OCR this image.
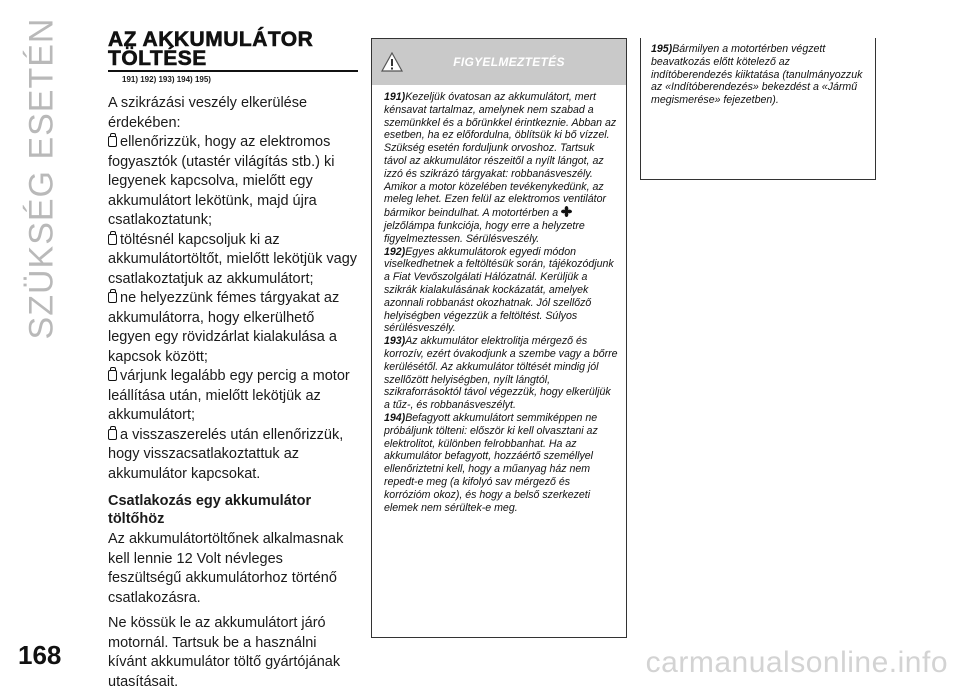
SZÜKSÉG ESETÉN AZ AKKUMULÁTOR
TÖLTÉSE
191) 192) 193) 194) 195)

A szikrázási veszély elkerülése érdekében:

ellenőrizzük, hogy az elektromos fogyasztók (utastér világítás stb.) ki legyenek kapcsolva, mielőtt egy akkumulátort lekötünk, majd újra csatlakoztatunk;

töltésnél kapcsoljuk ki az akkumulátortöltőt, mielőtt lekötjük vagy csatlakoztatjuk az akkumulátort;

ne helyezzünk fémes tárgyakat az akkumulátorra, hogy elkerülhető legyen egy rövidzárlat kialakulása a kapcsok között;

várjunk legalább egy percig a motor leállítása után, mielőtt lekötjük az akkumulátort;

a visszaszerelés után ellenőrizzük, hogy visszacsatlakoztattuk az akkumulátor kapcsokat.

Csatlakozás egy akkumulátor töltőhöz

Az akkumulátortöltőnek alkalmasnak kell lennie 12 Volt névleges feszültségű akkumulátorhoz történő csatlakozásra.

Ne kössük le az akkumulátort járó motornál. Tartsuk be a használni kívánt akkumulátor töltő gyártójának utasításait.

FIGYELMEZTETÉS

191)Kezeljük óvatosan az akkumulátort, mert kénsavat tartalmaz, amelynek nem szabad a szemünkkel és a bőrünkkel érintkeznie. Abban az esetben, ha ez előfordulna, öblítsük ki bő vízzel. Szükség esetén forduljunk orvoshoz. Tartsuk távol az akkumulátor részeitől a nyílt lángot, az izzó és szikrázó tárgyakat: robbanásveszély. Amikor a motor közelében tevékenykedünk, az meleg lehet. Ezen felül az elektromos ventilátor bármikor beindulhat. A motortérben a jelzőlámpa funkciója, hogy erre a helyzetre figyelmeztessen. Sérülésveszély.

192)Egyes akkumulátorok egyedi módon viselkedhetnek a feltöltésük során, tájékozódjunk a Fiat Vevőszolgálati Hálózatnál. Kerüljük a szikrák kialakulásának kockázatát, amelyek azonnali robbanást okozhatnak. Jól szellőző helyiségben végezzük a feltöltést. Súlyos sérülésveszély.

193)Az akkumulátor elektrolitja mérgező és korrozív, ezért óvakodjunk a szembe vagy a bőrre kerülésétől. Az akkumulátor töltését mindig jól szellőzött helyiségben, nyílt lángtól, szikraforrásoktól távol végezzük, hogy elkerüljük a tűz-, és robbanásveszélyt.

194)Befagyott akkumulátort semmiképpen ne próbáljunk tölteni: először ki kell olvasztani az elektrolitot, különben felrobbanhat. Ha az akkumulátor befagyott, hozzáértő személlyel ellenőriztetni kell, hogy a műanyag ház nem repedt-e meg (a kifolyó sav mérgező és korrózióт okoz), és hogy a belső szerkezeti elemek nem sérültek-e meg.

195)Bármilyen a motortérben végzett beavatkozás előtt kötelező az indítóberendezés kiiktatása (tanulmányozzuk az «Indítóberendezés» bekezdést a «Jármű megismerése» fejezetben).

168	carmanualsonline.info
